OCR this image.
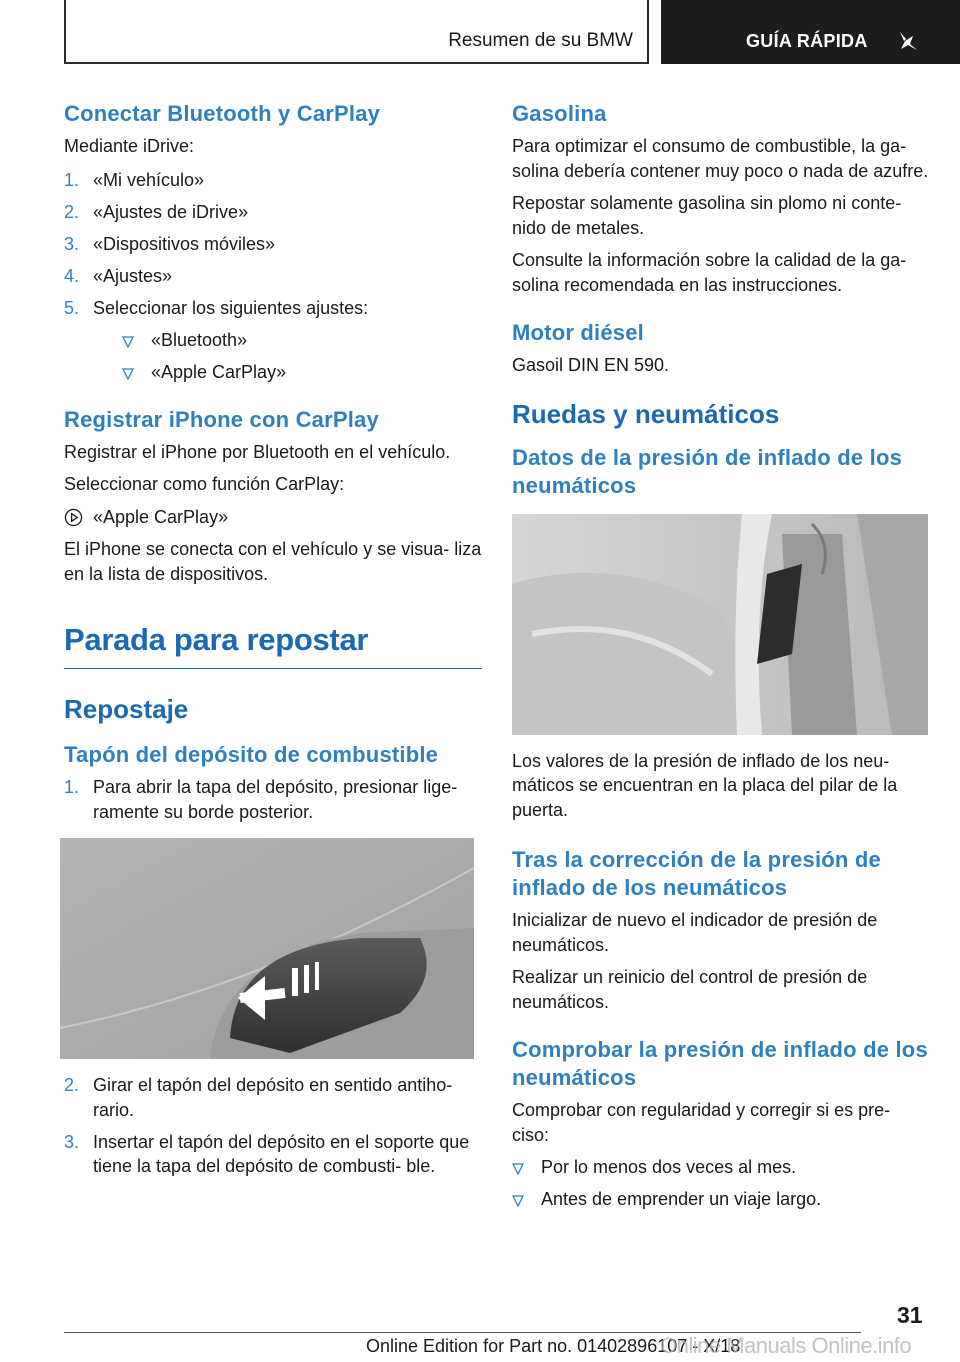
Resumen de su BMW	GUÍA RÁPIDA
Conectar Bluetooth y CarPlay

Mediante iDrive:

1. «Mi vehículo»
2. «Ajustes de iDrive»
3. «Dispositivos móviles»
4. «Ajustes»
5. Seleccionar los siguientes ajustes:
«Bluetooth»
«Apple CarPlay»
Registrar iPhone con CarPlay

Registrar el iPhone por Bluetooth en el vehículo.

Seleccionar como función CarPlay:

«Apple CarPlay»

El iPhone se conecta con el vehículo y se visua- liza en la lista de dispositivos.

Parada para repostar
Repostaje
Tapón del depósito de combustible
1. Para abrir la tapa del depósito, presionar lige- ramente su borde posterior.
2. Girar el tapón del depósito en sentido antiho- rario.
3. Insertar el tapón del depósito en el soporte que tiene la tapa del depósito de combusti- ble.
Gasolina

Para optimizar el consumo de combustible, la ga- solina debería contener muy poco o nada de azufre.

Repostar solamente gasolina sin plomo ni conte- nido de metales.

Consulte la información sobre la calidad de la ga- solina recomendada en las instrucciones.

Motor diésel

Gasoil DIN EN 590.

Ruedas y neumáticos
Datos de la presión de inflado de los neumáticos

Los valores de la presión de inflado de los neu- máticos se encuentran en la placa del pilar de la puerta.

Tras la corrección de la presión de inflado de los neumáticos

Inicializar de nuevo el indicador de presión de neumáticos.

Realizar un reinicio del control de presión de neumáticos.

Comprobar la presión de inflado de los neumáticos

Comprobar con regularidad y corregir si es pre- ciso:

Por lo menos dos veces al mes.
Antes de emprender un viaje largo.
31
Online Edition for Part no. 01402896107 - X/18
Online Manuals Online.info
